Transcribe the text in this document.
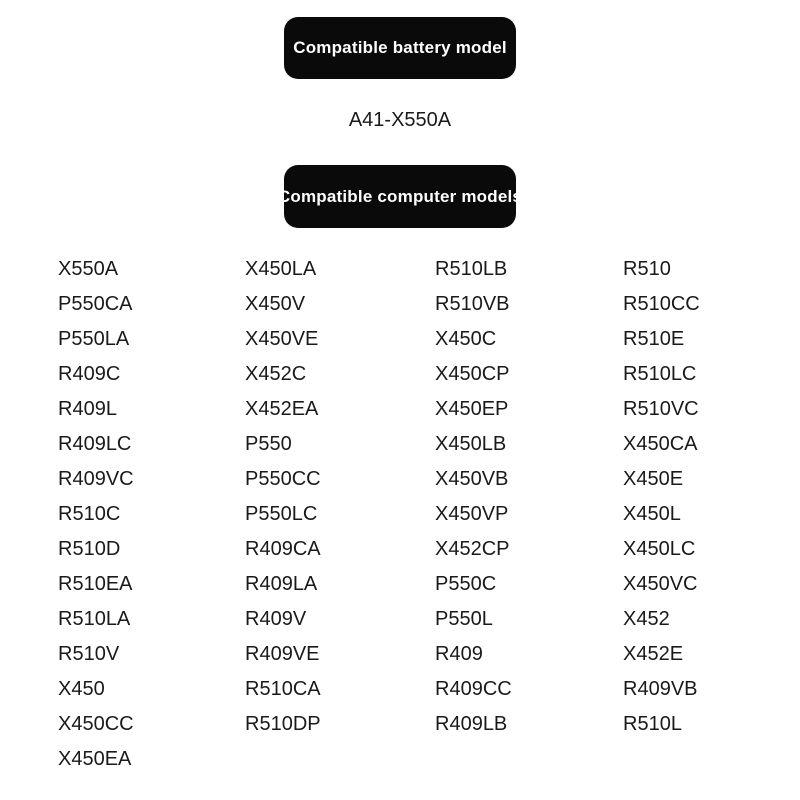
Compatible battery model
A41-X550A
Compatible computer models
X550A
P550CA
P550LA
R409C
R409L
R409LC
R409VC
R510C
R510D
R510EA
R510LA
R510V
X450
X450CC
X450EA
X450LA
X450V
X450VE
X452C
X452EA
P550
P550CC
P550LC
R409CA
R409LA
R409V
R409VE
R510CA
R510DP
R510LB
R510VB
X450C
X450CP
X450EP
X450LB
X450VB
X450VP
X452CP
P550C
P550L
R409
R409CC
R409LB
R510
R510CC
R510E
R510LC
R510VC
X450CA
X450E
X450L
X450LC
X450VC
X452
X452E
R409VB
R510L
